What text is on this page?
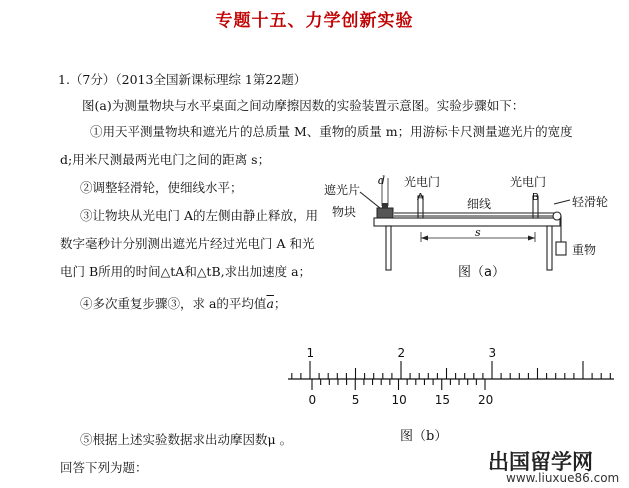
专题十五、力学创新实验
1.（7分）（2013全国新课标理综 1第22题）
图(a)为测量物块与水平桌面之间动摩擦因数的实验装置示意图。实验步骤如下：
①用天平测量物块和遮光片的总质量 M、重物的质量 m；用游标卡尺测量遮光片的宽度
d;用米尺测最两光电门之间的距离 s；
②调整轻滑轮，使细线水平；
③让物块从光电门 A的左侧由静止释放，用
数字毫秒计分别测出遮光片经过光电门 A 和光
电门 B所用的时间△tA和△tB,求出加速度 a；
④多次重复步骤③，求 a的平均值$\overline{a}$；
⑤根据上述实验数据求出动摩因数μ 。
回答下列为题：
光电门	光电门
遮光片
d
物块
A	B
细线	轻滑轮
s
重物
图（a）
1	2	3
0	5	10 15 20
图（b）
出国留学网
www.liuxue86.com
